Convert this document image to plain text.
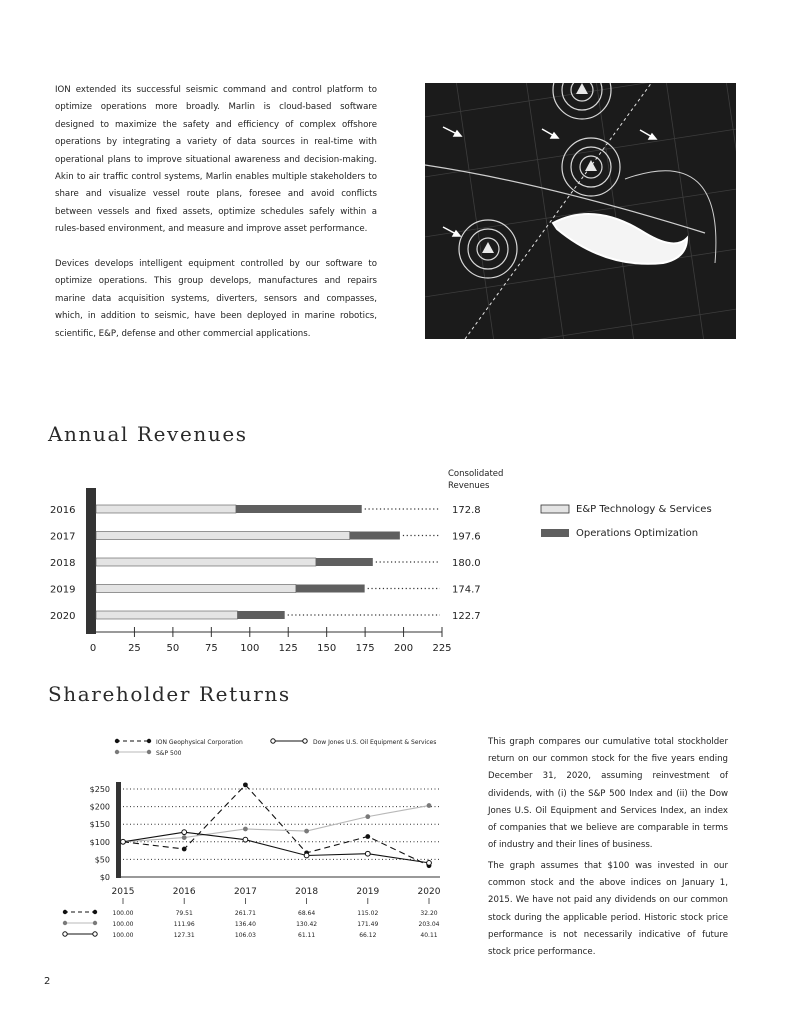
ION extended its successful seismic command and control platform to optimize operations more broadly. Marlin is cloud-based software designed to maximize the safety and efficiency of complex offshore operations by integrating a variety of data sources in real-time with operational plans to improve situational awareness and decision-making. Akin to air traffic control systems, Marlin enables multiple stakeholders to share and visualize vessel route plans, foresee and avoid conflicts between vessels and fixed assets, optimize schedules safely within a rules-based environment, and measure and improve asset performance.

Devices develops intelligent equipment controlled by our software to optimize operations. This group develops, manufactures and repairs marine data acquisition systems, diverters, sensors and compasses, which, in addition to seismic, have been deployed in marine robotics, scientific, E&P, defense and other commercial applications.

Annual Revenues
Consolidated
Revenues
2016	172.8
2017	197.6
2018	180.0
2019	174.7
2020	122.7
0	25	50	75 100 125 150 175 200 225
E&P Technology & Services
Operations Optimization
Shareholder Returns
ION Geophysical Corporation
S&P 500
Dow Jones U.S. Oil Equipment & Services
$0
$50
$100
$150
$200
$250
2015	2016	2017	2018	2019	2020
100.00	79.51	261.71	68.64	115.02	32.20
100.00	111.96	136.40	130.42	171.49	203.04
100.00	127.31	106.03	61.11	66.12	40.11

This graph compares our cumulative total stockholder return on our common stock for the five years ending December 31, 2020, assuming reinvestment of dividends, with (i) the S&P 500 Index and (ii) the Dow Jones U.S. Oil Equipment and Services Index, an index of companies that we believe are comparable in terms of industry and their lines of business.

The graph assumes that $100 was invested in our common stock and the above indices on January 1, 2015. We have not paid any dividends on our common stock during the applicable period. Historic stock price performance is not necessarily indicative of future stock price performance.

2
